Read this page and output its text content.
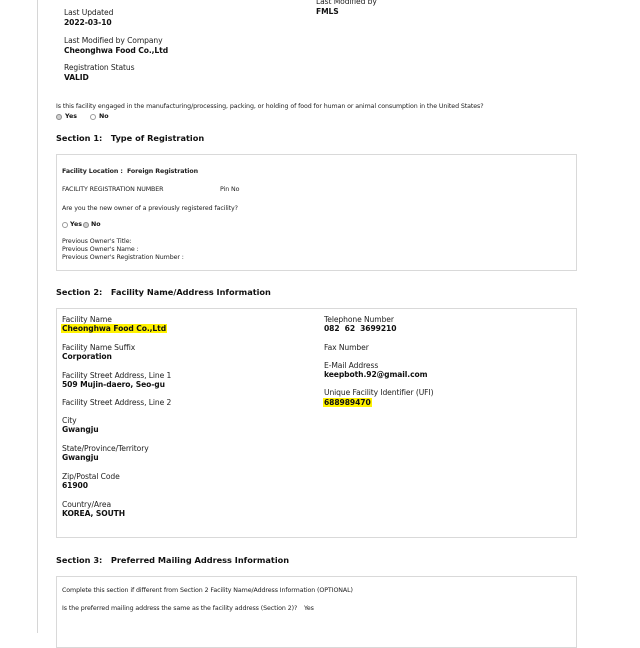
Last Modified by
FMLS
Last Updated
2022-03-10
Last Modified by Company
Cheonghwa Food Co.,Ltd
Registration Status
VALID
Is this facility engaged in the manufacturing/processing, packing, or holding of food for human or animal consumption in the United States?
Yes	No
Section 1:   Type of Registration
Facility Location :  Foreign Registration
FACILITY REGISTRATION NUMBER	Pin No
Are you the new owner of a previously registered facility?
Yes No
Previous Owner's Title:
Previous Owner's Name :
Previous Owner's Registration Number :
Section 2:   Facility Name/Address Information
Facility Name
Cheonghwa Food Co.,Ltd
Facility Name Suffix
Corporation
Facility Street Address, Line 1
509 Mujin-daero, Seo-gu
Facility Street Address, Line 2
City
Gwangju
State/Province/Territory
Gwangju
Zip/Postal Code
61900
Country/Area
KOREA, SOUTH
Telephone Number
082  62  3699210
Fax Number
E-Mail Address
keepboth.92@gmail.com
Unique Facility Identifier (UFI)
688989470
Section 3:   Preferred Mailing Address Information
Complete this section if different from Section 2 Facility Name/Address Information (OPTIONAL)
Is the preferred mailing address the same as the facility address (Section 2)? Yes
